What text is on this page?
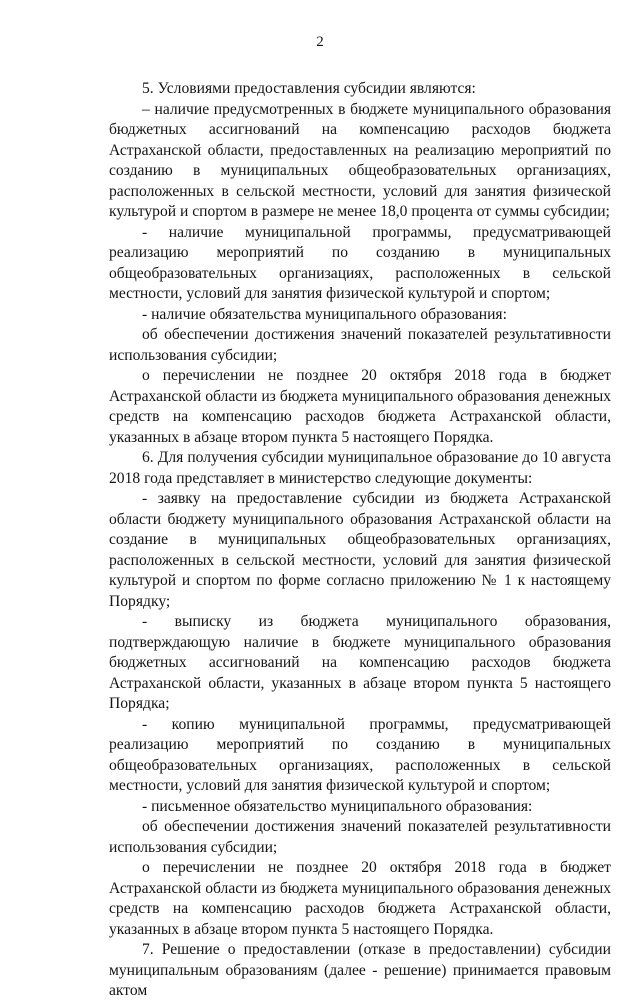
2

5. Условиями предоставления субсидии являются:

– наличие предусмотренных в бюджете муниципального образования бюджетных ассигнований на компенсацию расходов бюджета Астраханской области, предоставленных на реализацию мероприятий по созданию в муниципальных общеобразовательных организациях, расположенных в сельской местности, условий для занятия физической культурой и спортом в размере не менее 18,0 процента от суммы субсидии;

- наличие муниципальной программы, предусматривающей реализацию мероприятий по созданию в муниципальных общеобразовательных организациях, расположенных в сельской местности, условий для занятия физической культурой и спортом;

- наличие обязательства муниципального образования:

об обеспечении достижения значений показателей результативности использования субсидии;

о перечислении не позднее 20 октября 2018 года в бюджет Астраханской области из бюджета муниципального образования денежных средств на компенсацию расходов бюджета Астраханской области, указанных в абзаце втором пункта 5 настоящего Порядка.

6. Для получения субсидии муниципальное образование до 10 августа 2018 года представляет в министерство следующие документы:

- заявку на предоставление субсидии из бюджета Астраханской области бюджету муниципального образования Астраханской области на создание в муниципальных общеобразовательных организациях, расположенных в сельской местности, условий для занятия физической культурой и спортом по форме согласно приложению № 1 к настоящему Порядку;

- выписку из бюджета муниципального образования, подтверждающую наличие в бюджете муниципального образования бюджетных ассигнований на компенсацию расходов бюджета Астраханской области, указанных в абзаце втором пункта 5 настоящего Порядка;

- копию муниципальной программы, предусматривающей реализацию мероприятий по созданию в муниципальных общеобразовательных организациях, расположенных в сельской местности, условий для занятия физической культурой и спортом;

- письменное обязательство муниципального образования:

об обеспечении достижения значений показателей результативности использования субсидии;

о перечислении не позднее 20 октября 2018 года в бюджет Астраханской области из бюджета муниципального образования денежных средств на компенсацию расходов бюджета Астраханской области, указанных в абзаце втором пункта 5 настоящего Порядка.

7. Решение о предоставлении (отказе в предоставлении) субсидии муниципальным образованиям (далее - решение) принимается правовым актом
